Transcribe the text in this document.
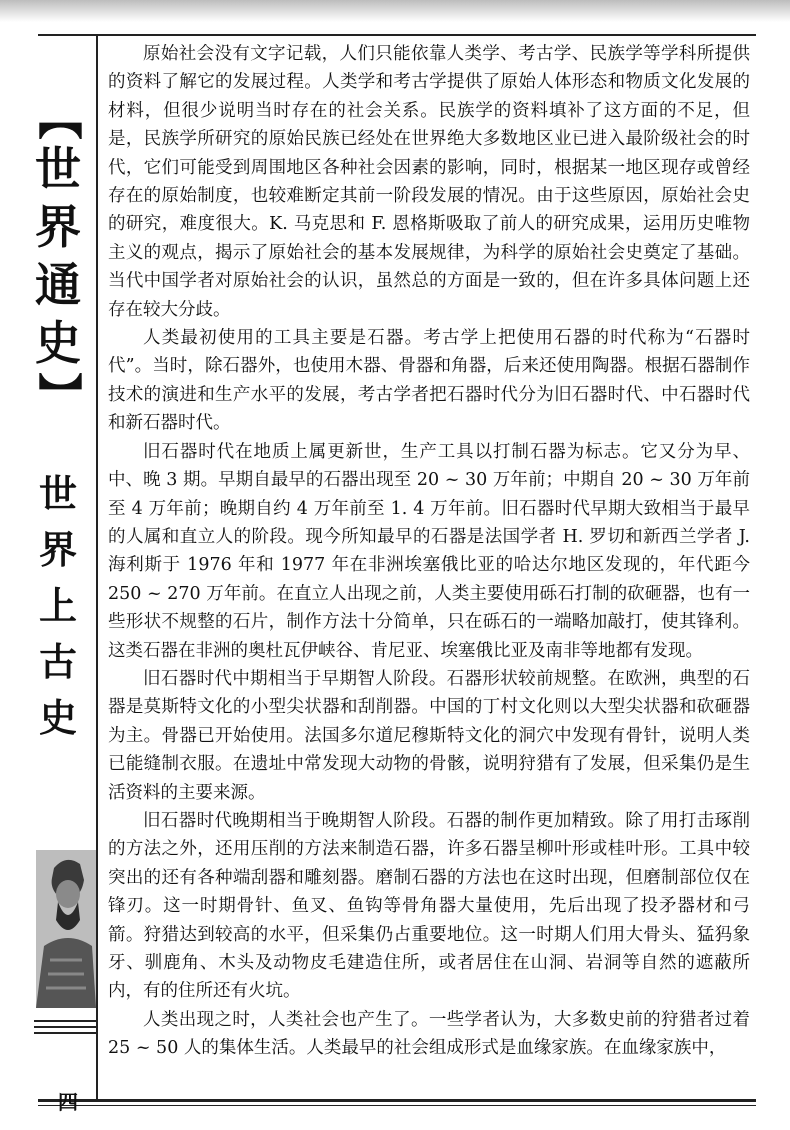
【
世
界
通
史
】
世
界
上
古
史
四

原始社会没有文字记载，人们只能依靠人类学、考古学、民族学等学科所提供的资料了解它的发展过程。人类学和考古学提供了原始人体形态和物质文化发展的材料，但很少说明当时存在的社会关系。民族学的资料填补了这方面的不足，但是，民族学所研究的原始民族已经处在世界绝大多数地区业已进入最阶级社会的时代，它们可能受到周围地区各种社会因素的影响，同时，根据某一地区现存或曾经存在的原始制度，也较难断定其前一阶段发展的情况。由于这些原因，原始社会史的研究，难度很大。K. 马克思和 F. 恩格斯吸取了前人的研究成果，运用历史唯物主义的观点，揭示了原始社会的基本发展规律，为科学的原始社会史奠定了基础。当代中国学者对原始社会的认识，虽然总的方面是一致的，但在许多具体问题上还存在较大分歧。

人类最初使用的工具主要是石器。考古学上把使用石器的时代称为“石器时代”。当时，除石器外，也使用木器、骨器和角器，后来还使用陶器。根据石器制作技术的演进和生产水平的发展，考古学者把石器时代分为旧石器时代、中石器时代和新石器时代。

旧石器时代在地质上属更新世，生产工具以打制石器为标志。它又分为早、中、晚 3 期。早期自最早的石器出现至 20 ~ 30 万年前；中期自 20 ~ 30 万年前至 4 万年前；晚期自约 4 万年前至 1. 4 万年前。旧石器时代早期大致相当于最早的人属和直立人的阶段。现今所知最早的石器是法国学者 H. 罗切和新西兰学者 J. 海利斯于 1976 年和 1977 年在非洲埃塞俄比亚的哈达尔地区发现的，年代距今 250 ~ 270 万年前。在直立人出现之前，人类主要使用砾石打制的砍砸器，也有一些形状不规整的石片，制作方法十分简单，只在砾石的一端略加敲打，使其锋利。这类石器在非洲的奥杜瓦伊峡谷、肯尼亚、埃塞俄比亚及南非等地都有发现。

旧石器时代中期相当于早期智人阶段。石器形状较前规整。在欧洲，典型的石器是莫斯特文化的小型尖状器和刮削器。中国的丁村文化则以大型尖状器和砍砸器为主。骨器已开始使用。法国多尔道尼穆斯特文化的洞穴中发现有骨针，说明人类已能缝制衣服。在遗址中常发现大动物的骨骸，说明狩猎有了发展，但采集仍是生活资料的主要来源。

旧石器时代晚期相当于晚期智人阶段。石器的制作更加精致。除了用打击琢削的方法之外，还用压削的方法来制造石器，许多石器呈柳叶形或桂叶形。工具中较突出的还有各种端刮器和雕刻器。磨制石器的方法也在这时出现，但磨制部位仅在锋刃。这一时期骨针、鱼叉、鱼钩等骨角器大量使用，先后出现了投矛器材和弓箭。狩猎达到较高的水平，但采集仍占重要地位。这一时期人们用大骨头、猛犸象牙、驯鹿角、木头及动物皮毛建造住所，或者居住在山洞、岩洞等自然的遮蔽所内，有的住所还有火坑。

人类出现之时，人类社会也产生了。一些学者认为，大多数史前的狩猎者过着 25 ~ 50 人的集体生活。人类最早的社会组成形式是血缘家族。在血缘家族中，
